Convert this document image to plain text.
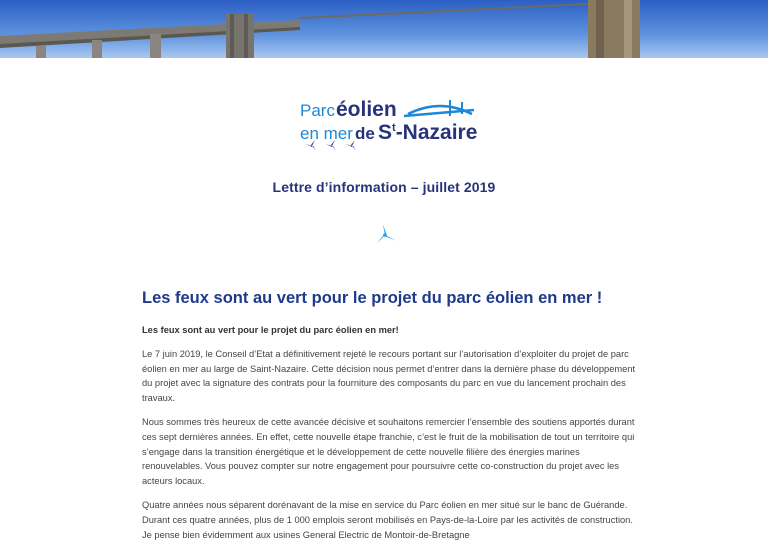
Parc éolien
en mer de $S^t$-Nazaire
Lettre d’information – juillet 2019
Les feux sont au vert pour le projet du parc éolien en mer !
Les feux sont au vert pour le projet du parc éolien en mer!
Le 7 juin 2019, le Conseil d’Etat a définitivement rejeté le recours portant sur l’autorisation d’exploiter du projet de parc éolien en mer au large de Saint-Nazaire. Cette décision nous permet d’entrer dans la dernière phase du développement du projet avec la signature des contrats pour la fourniture des composants du parc en vue du lancement prochain des travaux.
Nous sommes très heureux de cette avancée décisive et souhaitons remercier l’ensemble des soutiens apportés durant ces sept dernières années. En effet, cette nouvelle étape franchie, c’est le fruit de la mobilisation de tout un territoire qui s’engage dans la transition énergétique et le développement de cette nouvelle filière des énergies marines renouvelables. Vous pouvez compter sur notre engagement pour poursuivre cette co-construction du projet avec les acteurs locaux.
Quatre années nous séparent dorénavant de la mise en service du Parc éolien en mer situé sur le banc de Guérande. Durant ces quatre années, plus de 1 000 emplois seront mobilisés en Pays-de-la-Loire par les activités de construction. Je pense bien évidemment aux usines General Electric de Montoir-de-Bretagne
